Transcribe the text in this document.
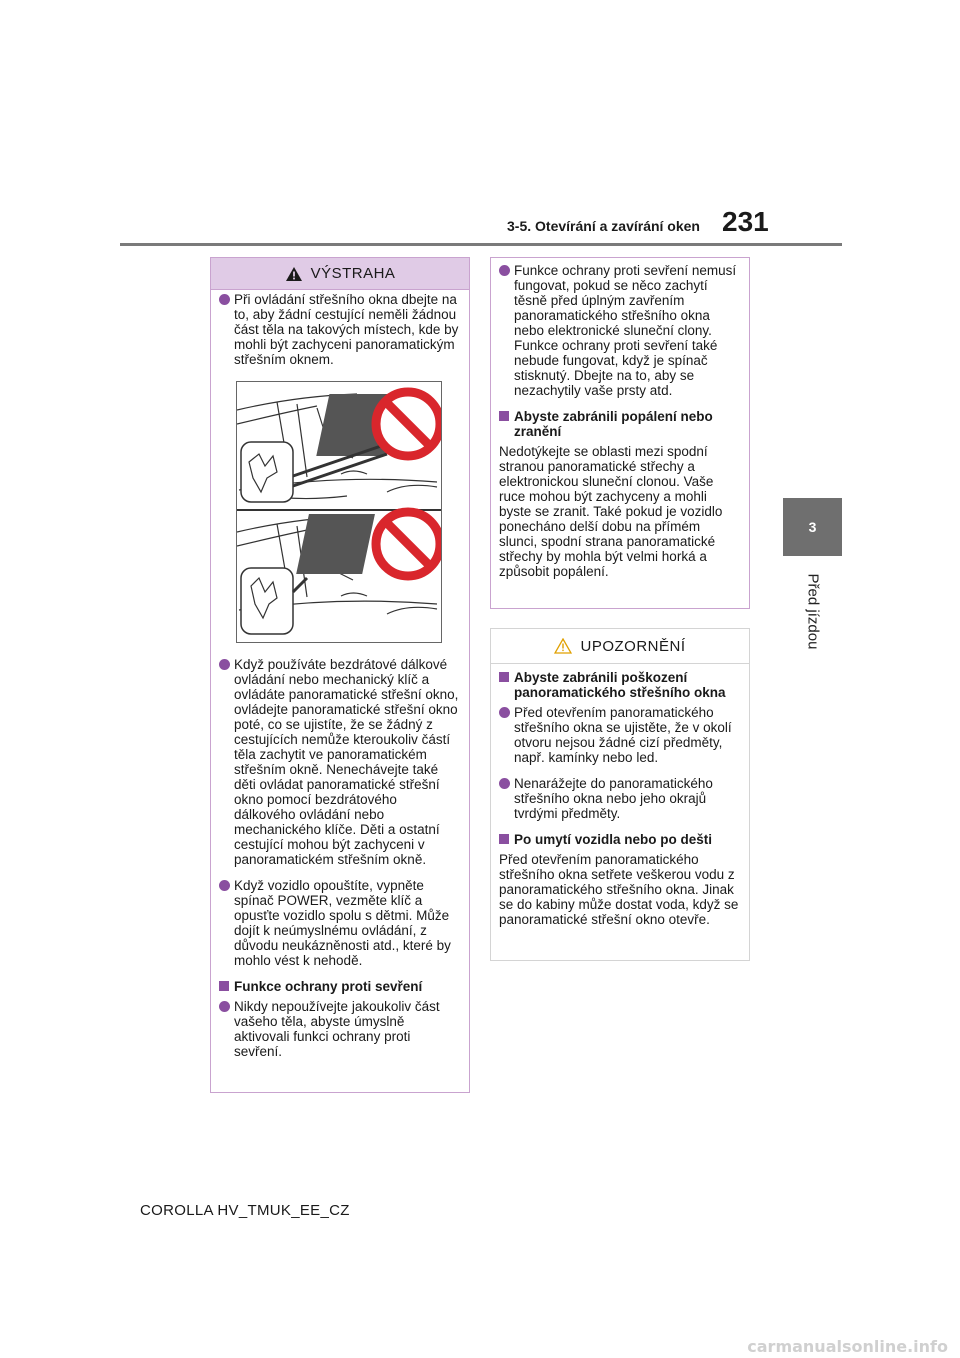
3-5. Otevírání a zavírání oken 231
3
Před jízdou
VÝSTRAHA
Při ovládání střešního okna dbejte na to, aby žádní cestující neměli žádnou část těla na takových místech, kde by mohli být zachyceni panoramatickým střešním oknem.
Když používáte bezdrátové dálkové ovládání nebo mechanický klíč a ovládáte panoramatické střešní okno, ovládejte panoramatické střešní okno poté, co se ujistíte, že se žádný z cestujících nemůže kteroukoliv částí těla zachytit ve panoramatickém střešním okně. Nenechávejte také děti ovládat panoramatické střešní okno pomocí bezdrátového dálkového ovládání nebo mechanického klíče. Děti a ostatní cestující mohou být zachyceni v panoramatickém střešním okně.
Když vozidlo opouštíte, vypněte spínač POWER, vezměte klíč a opusťte vozidlo spolu s dětmi. Může dojít k neúmyslnému ovládání, z důvodu neukázněnosti atd., které by mohlo vést k nehodě.
Funkce ochrany proti sevření
Nikdy nepoužívejte jakoukoliv část vašeho těla, abyste úmyslně aktivovali funkci ochrany proti sevření.
Funkce ochrany proti sevření nemusí fungovat, pokud se něco zachytí těsně před úplným zavřením panoramatického střešního okna nebo elektronické sluneční clony. Funkce ochrany proti sevření také nebude fungovat, když je spínač stisknutý. Dbejte na to, aby se nezachytily vaše prsty atd.
Abyste zabránili popálení nebo zranění
Nedotýkejte se oblasti mezi spodní stranou panoramatické střechy a elektronickou sluneční clonou. Vaše ruce mohou být zachyceny a mohli byste se zranit. Také pokud je vozidlo ponecháno delší dobu na přímém slunci, spodní strana panoramatické střechy by mohla být velmi horká a způsobit popálení.
UPOZORNĚNÍ
Abyste zabránili poškození panoramatického střešního okna
Před otevřením panoramatického střešního okna se ujistěte, že v okolí otvoru nejsou žádné cizí předměty, např. kamínky nebo led.
Nenarážejte do panoramatického střešního okna nebo jeho okrajů tvrdými předměty.
Po umytí vozidla nebo po dešti
Před otevřením panoramatického střešního okna setřete veškerou vodu z panoramatického střešního okna. Jinak se do kabiny může dostat voda, když se panoramatické střešní okno otevře.
COROLLA HV_TMUK_EE_CZ
carmanualsonline.info
